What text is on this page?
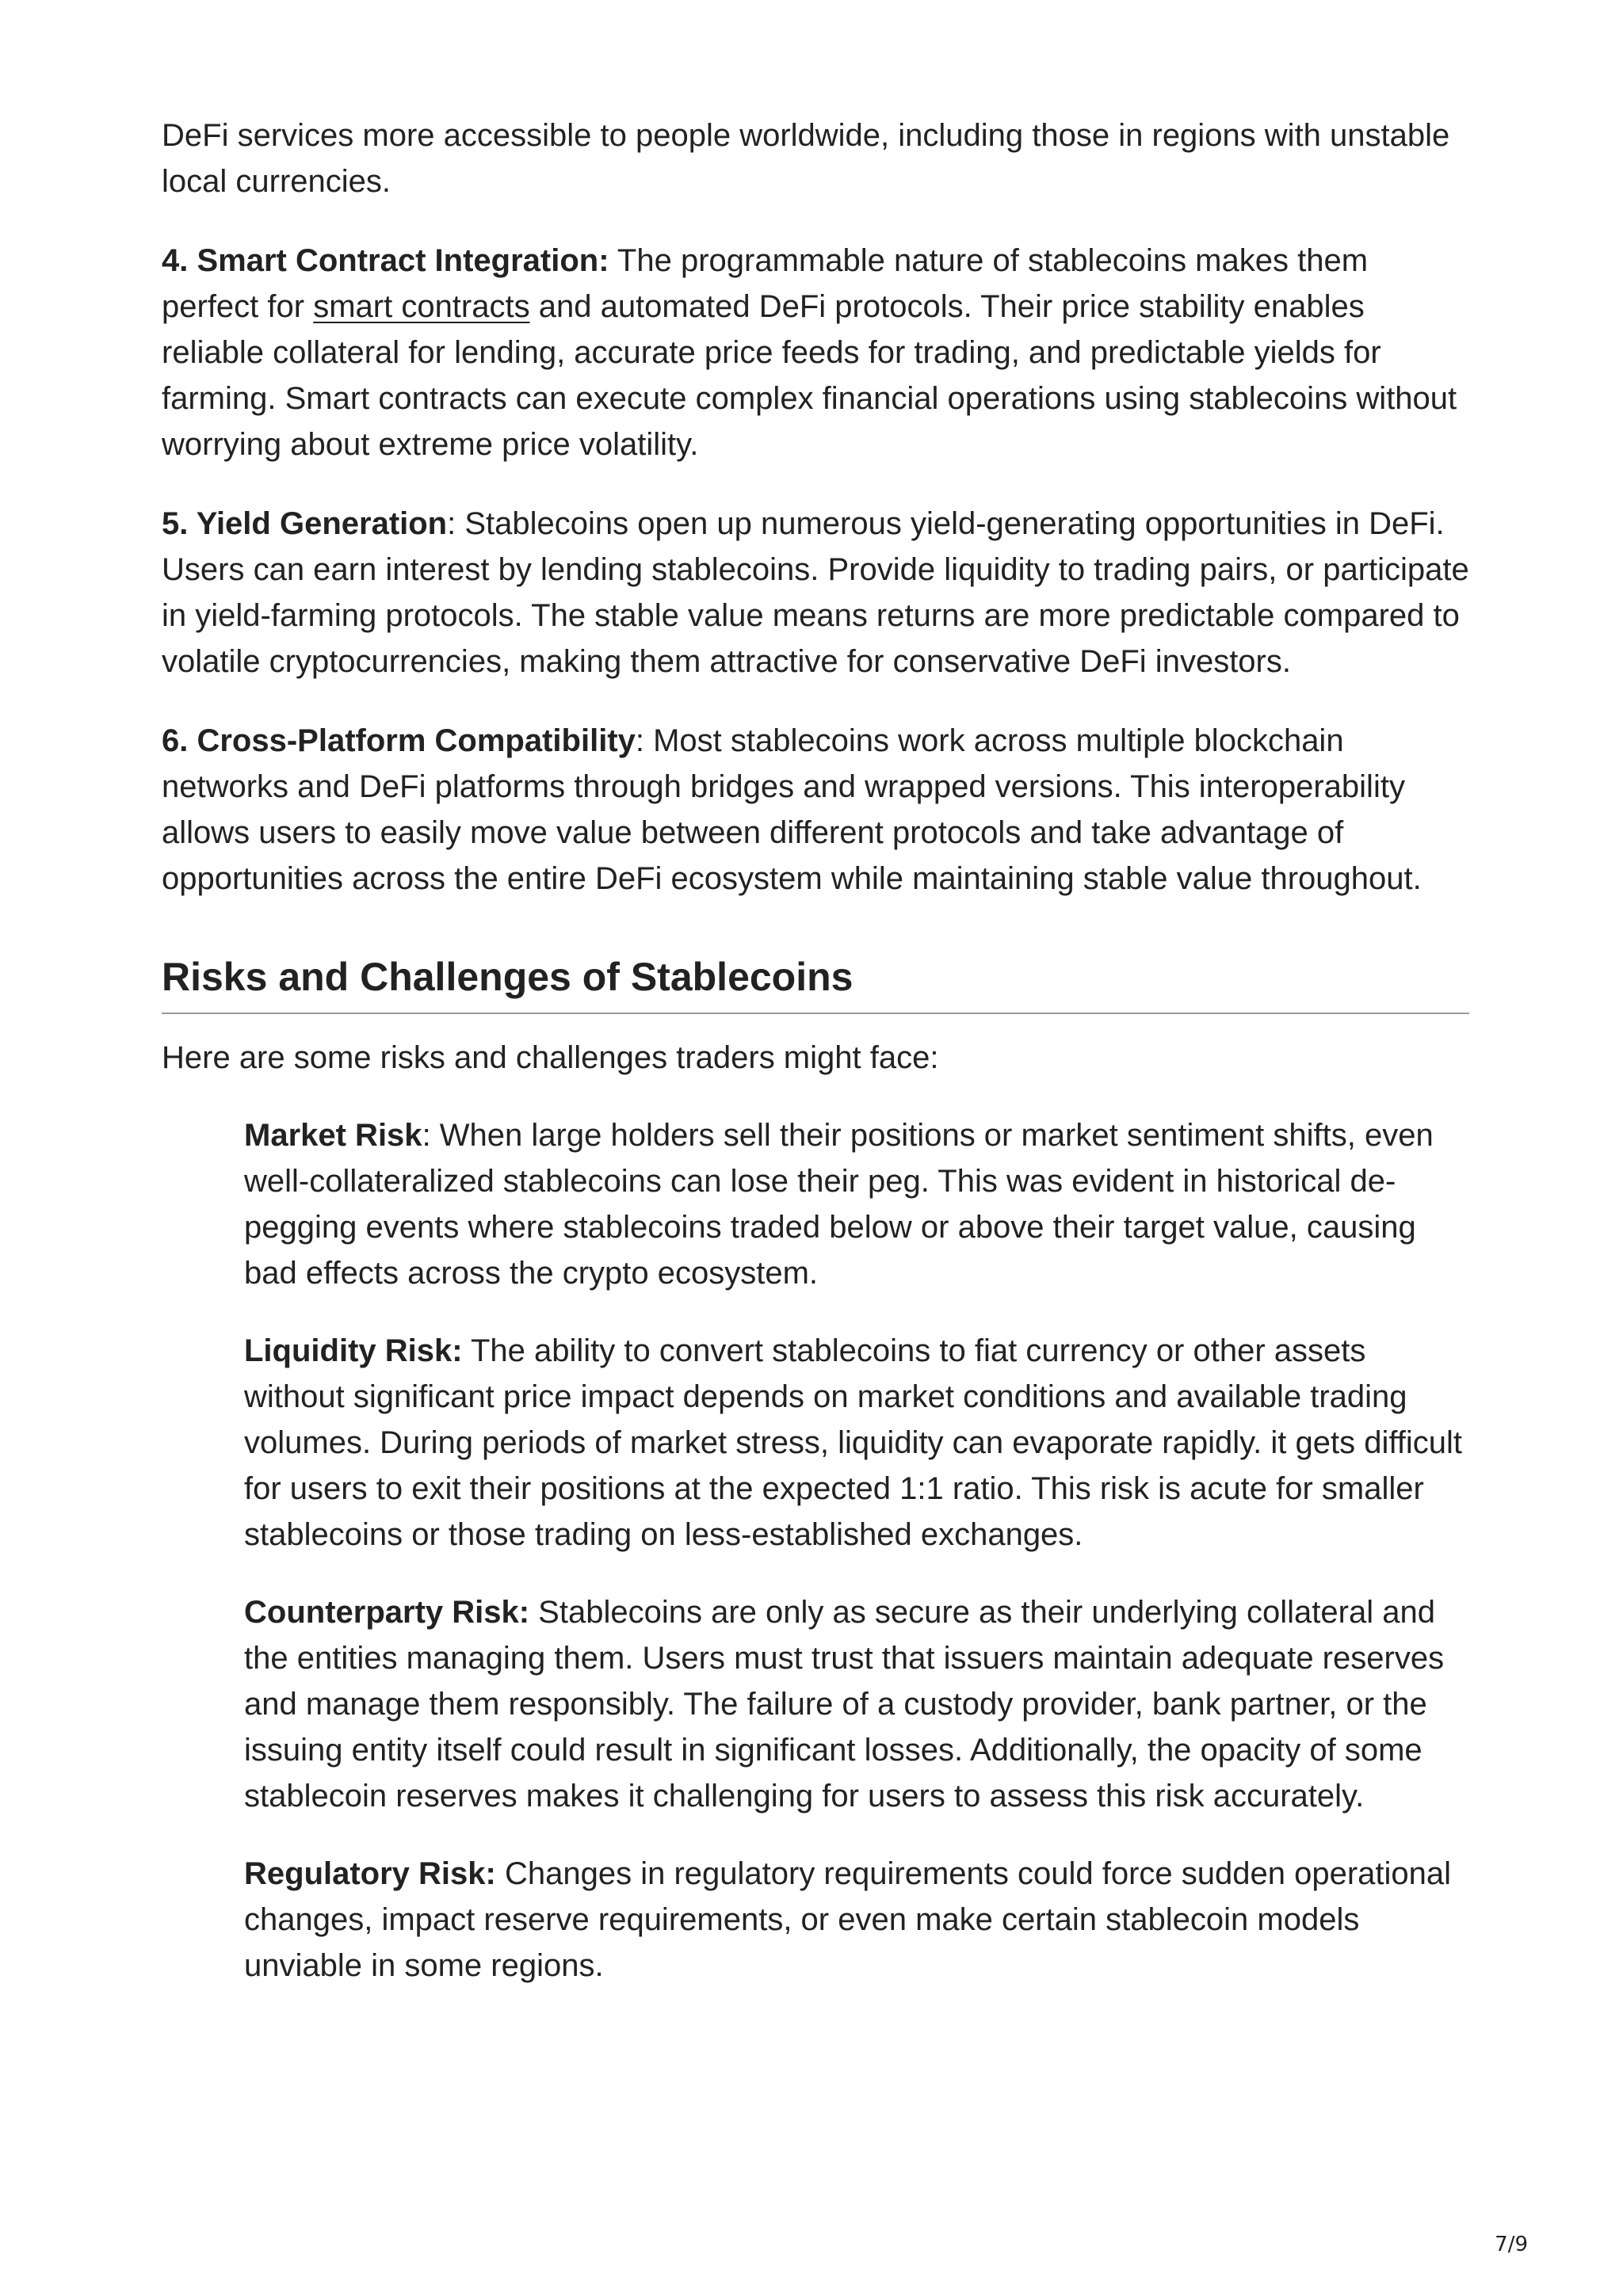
DeFi services more accessible to people worldwide, including those in regions with unstable local currencies.

4. Smart Contract Integration: The programmable nature of stablecoins makes them perfect for smart contracts and automated DeFi protocols. Their price stability enables reliable collateral for lending, accurate price feeds for trading, and predictable yields for farming. Smart contracts can execute complex financial operations using stablecoins without worrying about extreme price volatility.

5. Yield Generation: Stablecoins open up numerous yield-generating opportunities in DeFi. Users can earn interest by lending stablecoins. Provide liquidity to trading pairs, or participate in yield-farming protocols. The stable value means returns are more predictable compared to volatile cryptocurrencies, making them attractive for conservative DeFi investors.

6. Cross-Platform Compatibility: Most stablecoins work across multiple blockchain networks and DeFi platforms through bridges and wrapped versions. This interoperability allows users to easily move value between different protocols and take advantage of opportunities across the entire DeFi ecosystem while maintaining stable value throughout.

Risks and Challenges of Stablecoins

Here are some risks and challenges traders might face:

Market Risk: When large holders sell their positions or market sentiment shifts, even well-collateralized stablecoins can lose their peg. This was evident in historical de-pegging events where stablecoins traded below or above their target value, causing bad effects across the crypto ecosystem.

Liquidity Risk: The ability to convert stablecoins to fiat currency or other assets without significant price impact depends on market conditions and available trading volumes. During periods of market stress, liquidity can evaporate rapidly. it gets difficult for users to exit their positions at the expected 1:1 ratio. This risk is acute for smaller stablecoins or those trading on less-established exchanges.

Counterparty Risk: Stablecoins are only as secure as their underlying collateral and the entities managing them. Users must trust that issuers maintain adequate reserves and manage them responsibly. The failure of a custody provider, bank partner, or the issuing entity itself could result in significant losses. Additionally, the opacity of some stablecoin reserves makes it challenging for users to assess this risk accurately.

Regulatory Risk: Changes in regulatory requirements could force sudden operational changes, impact reserve requirements, or even make certain stablecoin models unviable in some regions.

7/9
